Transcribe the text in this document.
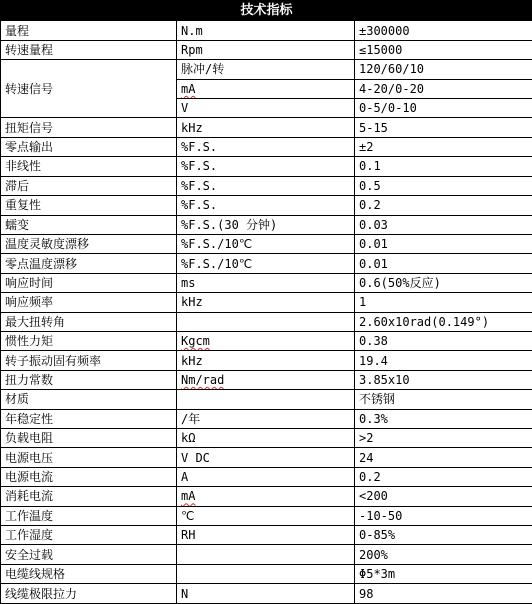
技术指标		
量程	N.m	±300000
转速量程	Rpm	≤15000
转速信号	脉冲/转	120/60/10
	mA	4-20/0-20
	V	0-5/0-10
扭矩信号	kHz	5-15
零点输出	%F.S.	±2
非线性	%F.S.	0.1
滞后	%F.S.	0.5
重复性	%F.S.	0.2
蠕变	%F.S.(30 分钟)	0.03
温度灵敏度漂移	%F.S./10℃	0.01
零点温度漂移	%F.S./10℃	0.01
响应时间	ms	0.6(50%反应)
响应频率	kHz	1
最大扭转角		2.60x10rad(0.149°)
惯性力矩	Kgcm	0.38
转子振动固有频率	kHz	19.4
扭力常数	Nm/rad	3.85x10
材质		不锈钢
年稳定性	/年	0.3%
负载电阻	kΩ	>2
电源电压	V DC	24
电源电流	A	0.2
消耗电流	mA	<200
工作温度	℃	-10-50
工作湿度	RH	0-85%
安全过载		200%
电缆线规格		Φ5*3m
线缆极限拉力	N	98
